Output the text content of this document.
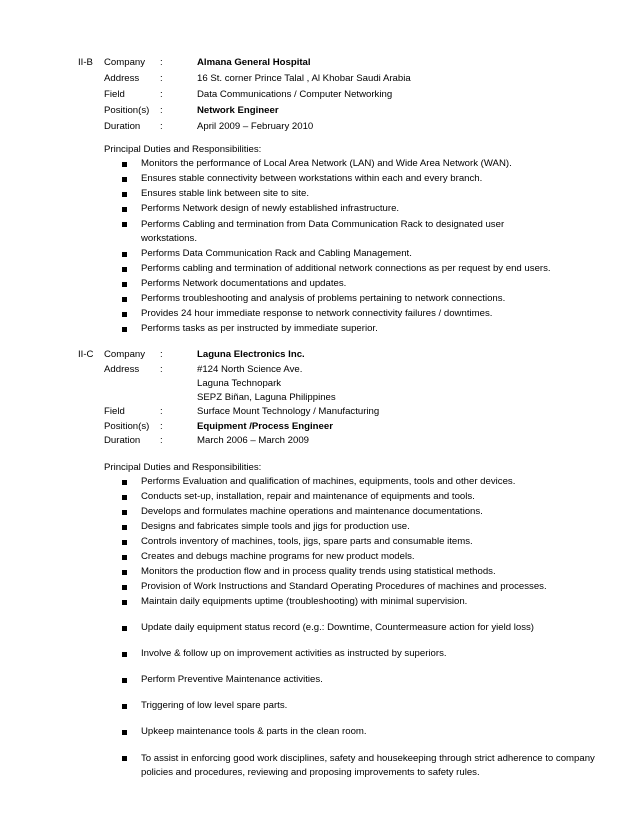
II-B Company
Address
Field
Position(s)
Duration
:
:
:
:
:
Almana General Hospital
16 St. corner Prince Talal , Al Khobar Saudi Arabia
Data Communications / Computer Networking
Network Engineer
April 2009 – February 2010
Principal Duties and Responsibilities:
Monitors the performance of Local Area Network (LAN) and Wide Area Network (WAN).
Ensures stable connectivity between workstations within each and every branch.
Ensures stable link between site to site.
Performs Network design of newly established infrastructure.
Performs Cabling and termination from Data Communication Rack to designated user workstations.
Performs Data Communication Rack and Cabling Management.
Performs cabling and termination of additional network connections as per request by end users.
Performs Network documentations and updates.
Performs troubleshooting and analysis of problems pertaining to network connections.
Provides 24 hour immediate response to network connectivity failures / downtimes.
Performs tasks as per instructed by immediate superior.
II-C Company
Address
Field
Position(s)
Duration
:
:
:
:
:
Laguna Electronics Inc.
#124 North Science Ave.
Laguna Technopark
SEPZ Biñan, Laguna Philippines
Surface Mount Technology / Manufacturing
Equipment /Process Engineer
March 2006 – March 2009
Principal Duties and Responsibilities:
Performs Evaluation and qualification of machines, equipments, tools and other devices.
Conducts set-up, installation, repair and maintenance of equipments and tools.
Develops and formulates machine operations and maintenance documentations.
Designs and fabricates simple tools and jigs for production use.
Controls inventory of machines, tools, jigs, spare parts and consumable items.
Creates and debugs machine programs for new product models.
Monitors the production flow and in process quality trends using statistical methods.
Provision of Work Instructions and Standard Operating Procedures of machines and processes.
Maintain daily equipments uptime (troubleshooting) with minimal supervision.
Update daily equipment status record (e.g.: Downtime, Countermeasure action for yield loss)
Involve & follow up on improvement activities as instructed by superiors.
Perform Preventive Maintenance activities.
Triggering of low level spare parts.
Upkeep maintenance tools & parts in the clean room.
To assist in enforcing good work disciplines, safety and housekeeping through strict adherence to company policies and procedures, reviewing and proposing improvements to safety rules.
